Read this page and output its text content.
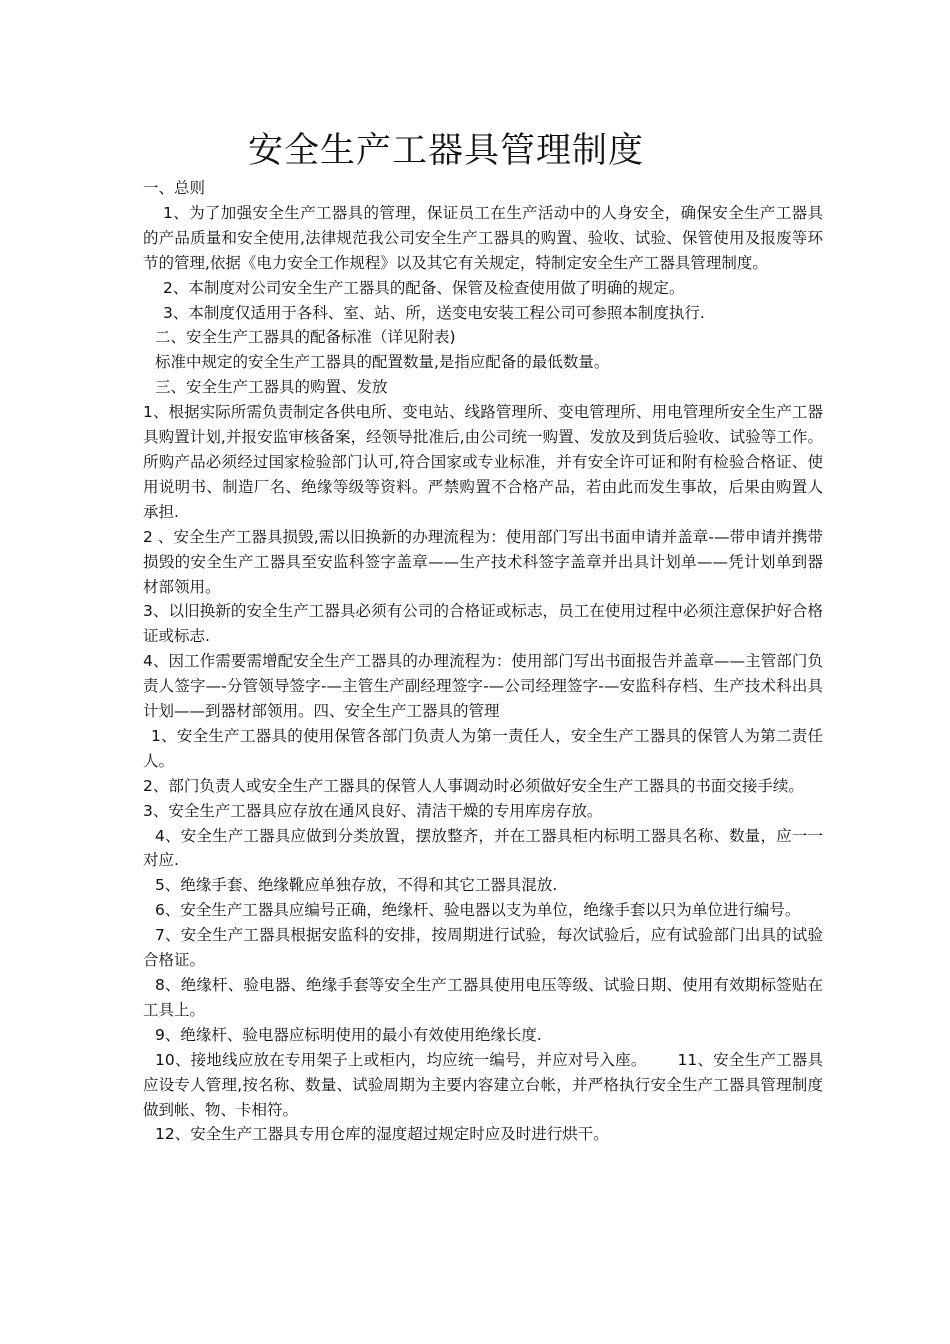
安全生产工器具管理制度

一、总则

1、为了加强安全生产工器具的管理，保证员工在生产活动中的人身安全，确保安全生产工器具的产品质量和安全使用,法律规范我公司安全生产工器具的购置、验收、试验、保管使用及报废等环节的管理,依据《电力安全工作规程》以及其它有关规定，特制定安全生产工器具管理制度。

2、本制度对公司安全生产工器具的配备、保管及检查使用做了明确的规定。

3、本制度仅适用于各科、室、站、所，送变电安装工程公司可参照本制度执行.

二、安全生产工器具的配备标准（详见附表)

标准中规定的安全生产工器具的配置数量,是指应配备的最低数量。

三、安全生产工器具的购置、发放

1、根据实际所需负责制定各供电所、变电站、线路管理所、变电管理所、用电管理所安全生产工器具购置计划,并报安监审核备案，经领导批准后,由公司统一购置、发放及到货后验收、试验等工作。所购产品必须经过国家检验部门认可,符合国家或专业标准，并有安全许可证和附有检验合格证、使用说明书、制造厂名、绝缘等级等资料。严禁购置不合格产品，若由此而发生事故，后果由购置人承担.

2 、安全生产工器具损毁,需以旧换新的办理流程为：使用部门写出书面申请并盖章-—带申请并携带损毁的安全生产工器具至安监科签字盖章——生产技术科签字盖章并出具计划单——凭计划单到器材部领用。

3、以旧换新的安全生产工器具必须有公司的合格证或标志，员工在使用过程中必须注意保护好合格证或标志.

4、因工作需要需增配安全生产工器具的办理流程为：使用部门写出书面报告并盖章——主管部门负责人签字—-分管领导签字-—主管生产副经理签字-—公司经理签字-—安监科存档、生产技术科出具计划——到器材部领用。四、安全生产工器具的管理

1、安全生产工器具的使用保管各部门负责人为第一责任人，安全生产工器具的保管人为第二责任人。

2、部门负责人或安全生产工器具的保管人人事调动时必须做好安全生产工器具的书面交接手续。

3、安全生产工器具应存放在通风良好、清洁干燥的专用库房存放。

4、安全生产工器具应做到分类放置，摆放整齐，并在工器具柜内标明工器具名称、数量，应一一对应.

5、绝缘手套、绝缘靴应单独存放，不得和其它工器具混放.

6、安全生产工器具应编号正确，绝缘杆、验电器以支为单位，绝缘手套以只为单位进行编号。

7、安全生产工器具根据安监科的安排，按周期进行试验，每次试验后，应有试验部门出具的试验合格证。

8、绝缘杆、验电器、绝缘手套等安全生产工器具使用电压等级、试验日期、使用有效期标签贴在工具上。

9、绝缘杆、验电器应标明使用的最小有效使用绝缘长度.

10、接地线应放在专用架子上或柜内，均应统一编号，并应对号入座。      11、安全生产工器具应设专人管理,按名称、数量、试验周期为主要内容建立台帐，并严格执行安全生产工器具管理制度做到帐、物、卡相符。

12、安全生产工器具专用仓库的湿度超过规定时应及时进行烘干。
